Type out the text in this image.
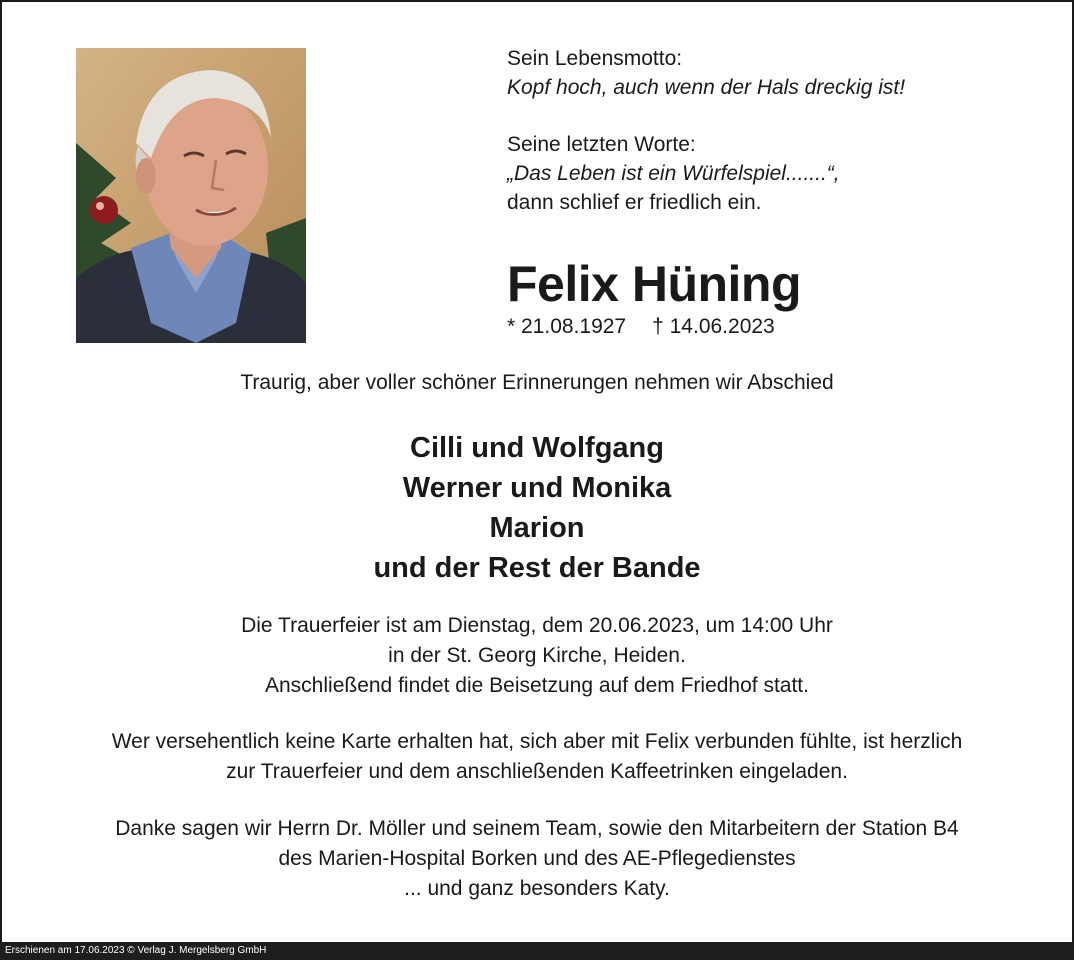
Sein Lebensmotto:
Kopf hoch, auch wenn der Hals dreckig ist!
Seine letzten Worte:
„Das Leben ist ein Würfelspiel.......“,
dann schlief er friedlich ein.
Felix Hüning
* 21.08.1927 † 14.06.2023
Traurig, aber voller schöner Erinnerungen nehmen wir Abschied
Cilli und Wolfgang
Werner und Monika
Marion
und der Rest der Bande
Die Trauerfeier ist am Dienstag, dem 20.06.2023, um 14:00 Uhr
in der St. Georg Kirche, Heiden.
Anschließend findet die Beisetzung auf dem Friedhof statt.
Wer versehentlich keine Karte erhalten hat, sich aber mit Felix verbunden fühlte, ist herzlich
zur Trauerfeier und dem anschließenden Kaffeetrinken eingeladen.
Danke sagen wir Herrn Dr. Möller und seinem Team, sowie den Mitarbeitern der Station B4
des Marien-Hospital Borken und des AE-Pflegedienstes
... und ganz besonders Katy.
Erschienen am 17.06.2023 © Verlag J. Mergelsberg GmbH
